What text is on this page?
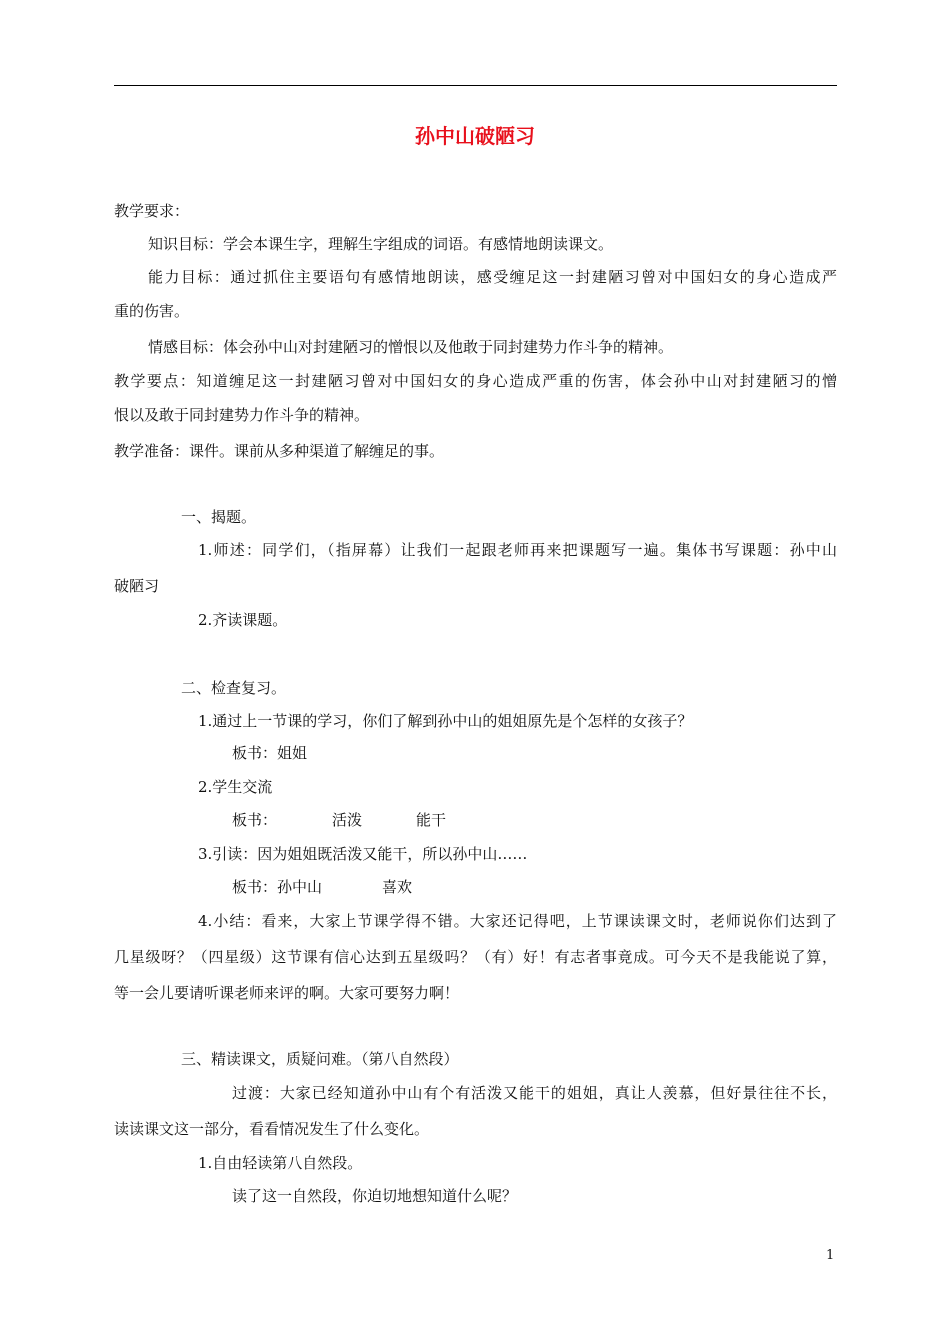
孙中山破陋习
教学要求：
知识目标：学会本课生字，理解生字组成的词语。有感情地朗读课文。
能力目标：通过抓住主要语句有感情地朗读，感受缠足这一封建陋习曾对中国妇女的身心造成严
重的伤害。
情感目标：体会孙中山对封建陋习的憎恨以及他敢于同封建势力作斗争的精神。
教学要点：知道缠足这一封建陋习曾对中国妇女的身心造成严重的伤害，体会孙中山对封建陋习的憎
恨以及敢于同封建势力作斗争的精神。
教学准备：课件。课前从多种渠道了解缠足的事。
一、揭题。
1.师述：同学们，（指屏幕）让我们一起跟老师再来把课题写一遍。集体书写课题：孙中山
破陋习
2.齐读课题。
二、检查复习。
1.通过上一节课的学习，你们了解到孙中山的姐姐原先是个怎样的女孩子？
板书：姐姐
2.学生交流
板书：	活泼	能干
3.引读：因为姐姐既活泼又能干，所以孙中山……
板书：孙中山	喜欢
4.小结：看来，大家上节课学得不错。大家还记得吧，上节课读课文时，老师说你们达到了
几星级呀？（四星级）这节课有信心达到五星级吗？（有）好！有志者事竟成。可今天不是我能说了算，
等一会儿要请听课老师来评的啊。大家可要努力啊！
三、精读课文，质疑问难。（第八自然段）
过渡：大家已经知道孙中山有个有活泼又能干的姐姐，真让人羡慕，但好景往往不长，
读读课文这一部分，看看情况发生了什么变化。
1.自由轻读第八自然段。
读了这一自然段，你迫切地想知道什么呢？
1
